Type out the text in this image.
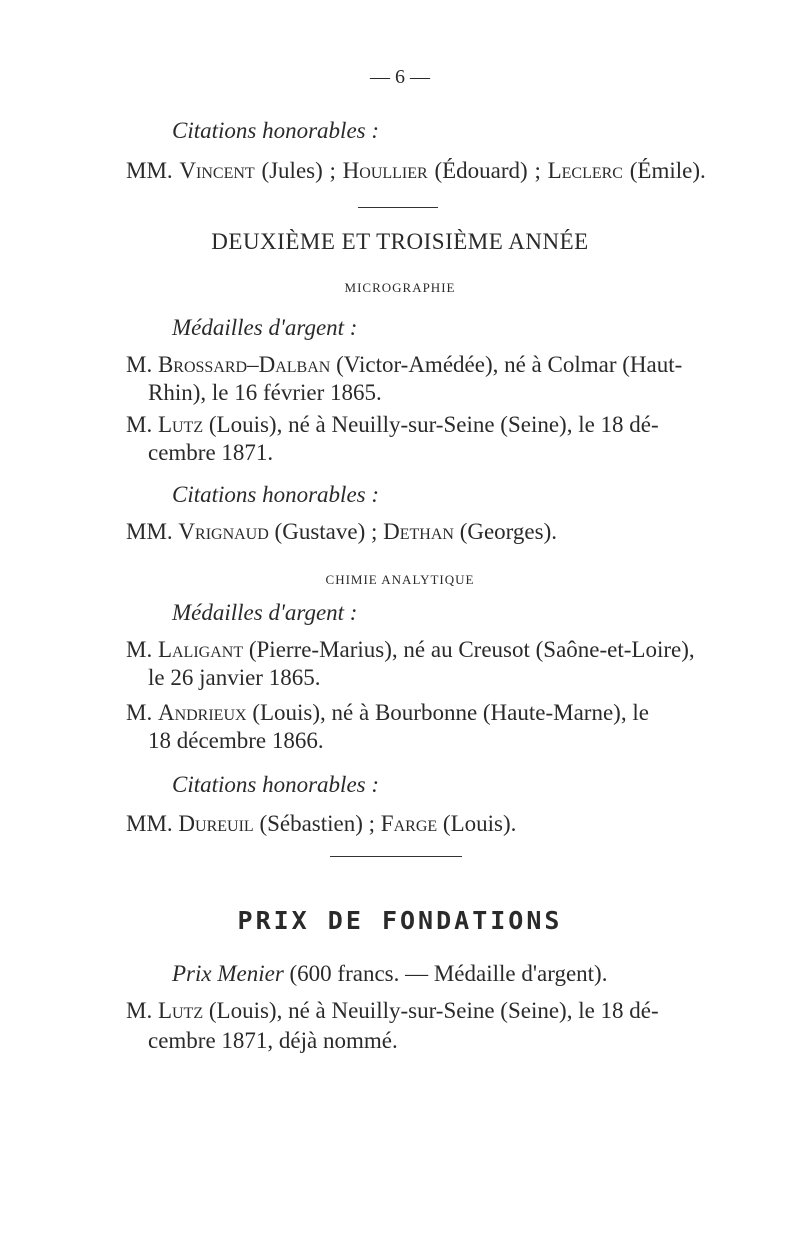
— 6 —
Citations honorables :
MM. Vincent (Jules) ; Houllier (Édouard) ; Leclerc (Émile).
DEUXIÈME ET TROISIÈME ANNÉE
MICROGRAPHIE
Médailles d'argent :
M. Brossard–Dalban (Victor-Amédée), né à Colmar (Haut-
Rhin), le 16 février 1865.
M. Lutz (Louis), né à Neuilly-sur-Seine (Seine), le 18 dé-
cembre 1871.
Citations honorables :
MM. Vrignaud (Gustave) ; Dethan (Georges).
CHIMIE ANALYTIQUE
Médailles d'argent :
M. Laligant (Pierre-Marius), né au Creusot (Saône-et-Loire),
le 26 janvier 1865.
M. Andrieux (Louis), né à Bourbonne (Haute-Marne), le
18 décembre 1866.
Citations honorables :
MM. Dureuil (Sébastien) ; Farge (Louis).
PRIX DE FONDATIONS
Prix Menier (600 francs. — Médaille d'argent).
M. Lutz (Louis), né à Neuilly-sur-Seine (Seine), le 18 dé-
cembre 1871, déjà nommé.
